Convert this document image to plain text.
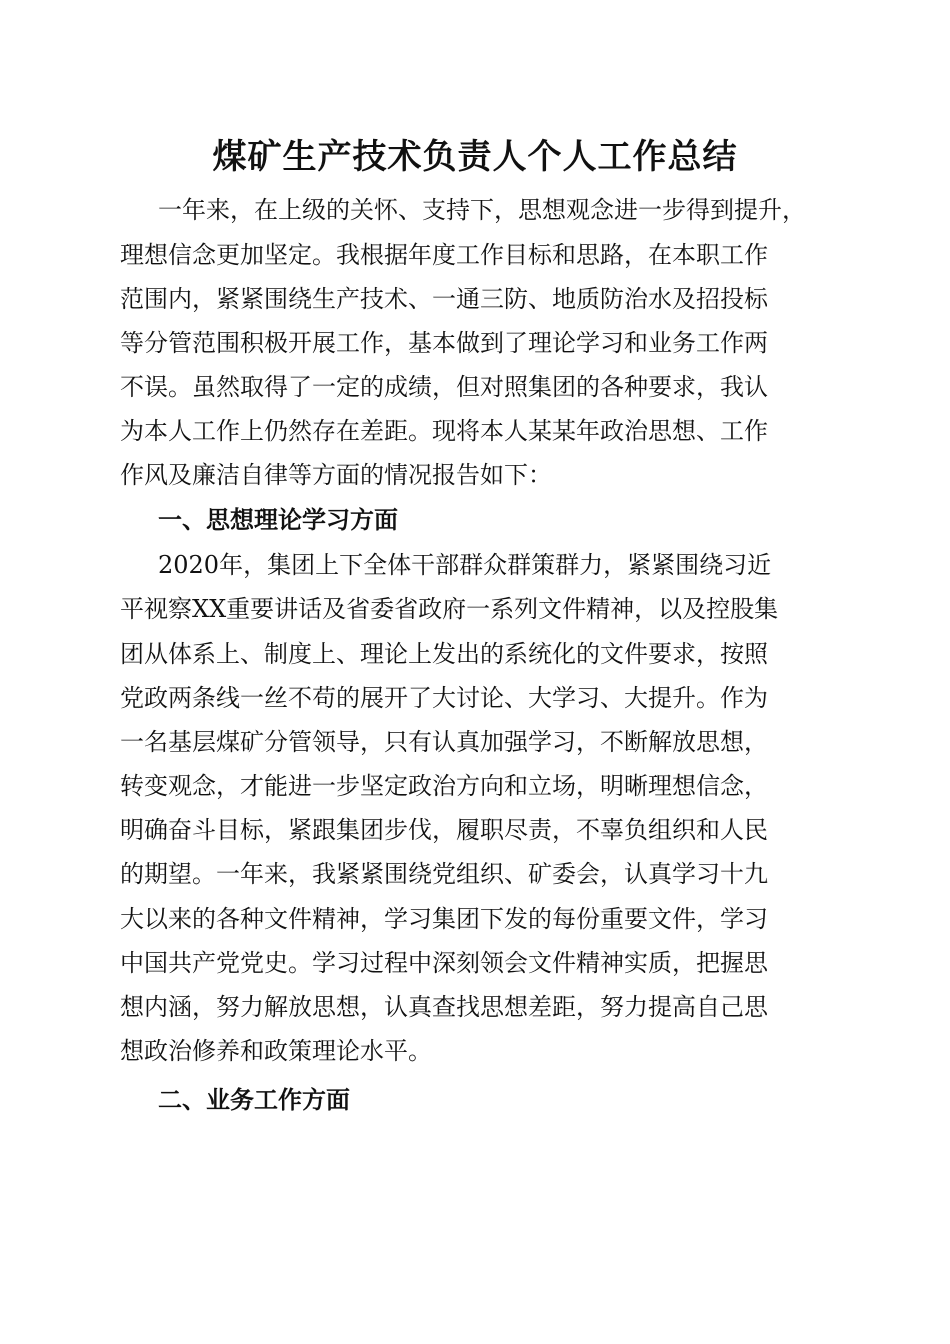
煤矿生产技术负责人个人工作总结

一年来，在上级的关怀、支持下，思想观念进一步得到提升，

理想信念更加坚定。我根据年度工作目标和思路，在本职工作

范围内，紧紧围绕生产技术、一通三防、地质防治水及招投标

等分管范围积极开展工作，基本做到了理论学习和业务工作两

不误。虽然取得了一定的成绩，但对照集团的各种要求，我认

为本人工作上仍然存在差距。现将本人某某年政治思想、工作

作风及廉洁自律等方面的情况报告如下：

一、思想理论学习方面

2020年，集团上下全体干部群众群策群力，紧紧围绕习近

平视察XX重要讲话及省委省政府一系列文件精神，以及控股集

团从体系上、制度上、理论上发出的系统化的文件要求，按照

党政两条线一丝不苟的展开了大讨论、大学习、大提升。作为

一名基层煤矿分管领导，只有认真加强学习，不断解放思想，

转变观念，才能进一步坚定政治方向和立场，明晰理想信念，

明确奋斗目标，紧跟集团步伐，履职尽责，不辜负组织和人民

的期望。一年来，我紧紧围绕党组织、矿委会，认真学习十九

大以来的各种文件精神，学习集团下发的每份重要文件，学习

中国共产党党史。学习过程中深刻领会文件精神实质，把握思

想内涵，努力解放思想，认真查找思想差距，努力提高自己思

想政治修养和政策理论水平。

二、业务工作方面
